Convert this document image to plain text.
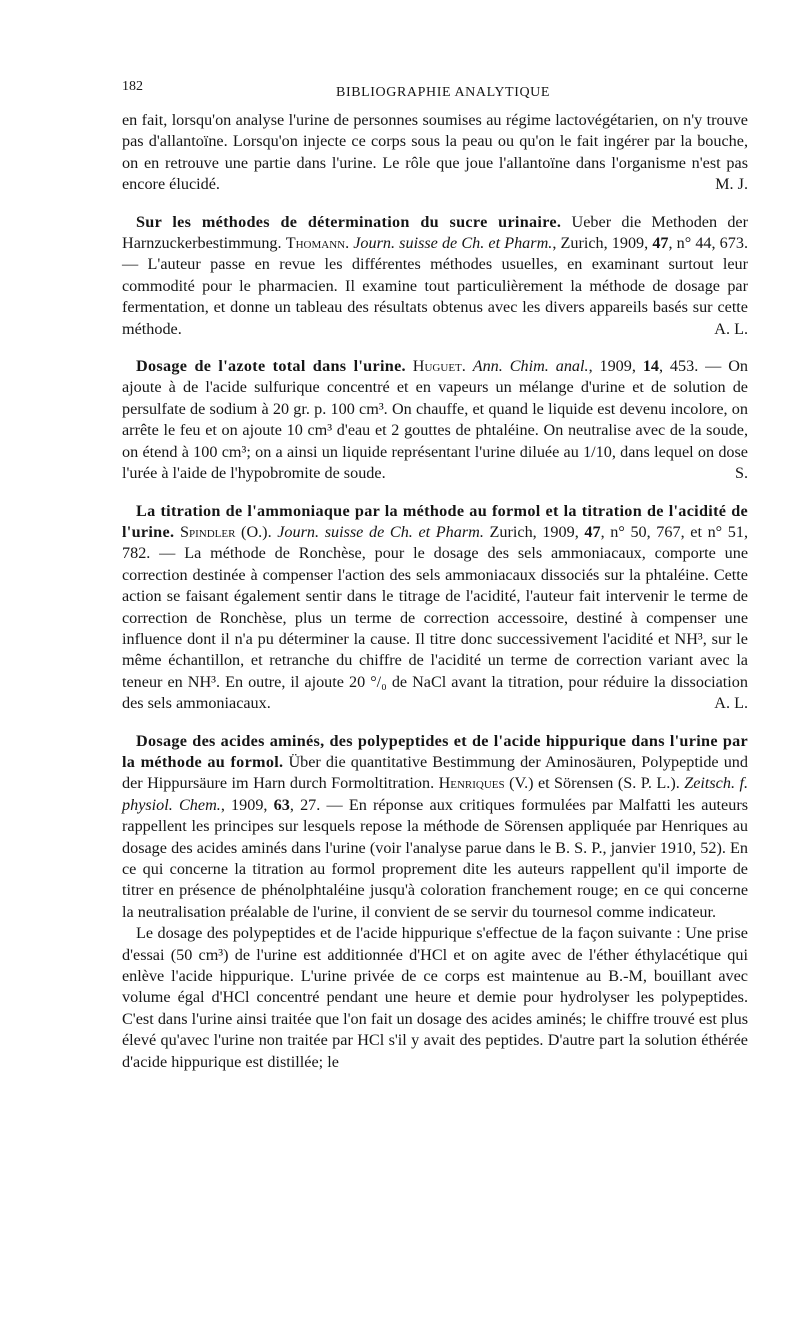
182	BIBLIOGRAPHIE ANALYTIQUE

en fait, lorsqu'on analyse l'urine de personnes soumises au régime lactovégétarien, on n'y trouve pas d'allantoïne. Lorsqu'on injecte ce corps sous la peau ou qu'on le fait ingérer par la bouche, on en retrouve une partie dans l'urine. Le rôle que joue l'allantoïne dans l'organisme n'est pas encore élucidé.	M. J.

Sur les méthodes de détermination du sucre urinaire. Ueber die Methoden der Harnzuckerbestimmung. Thomann. Journ. suisse de Ch. et Pharm., Zurich, 1909, 47, n° 44, 673. — L'auteur passe en revue les différentes méthodes usuelles, en examinant surtout leur commodité pour le pharmacien. Il examine tout particulièrement la méthode de dosage par fermentation, et donne un tableau des résultats obtenus avec les divers appareils basés sur cette méthode.	A. L.

Dosage de l'azote total dans l'urine. Huguet. Ann. Chim. anal., 1909, 14, 453. — On ajoute à de l'acide sulfurique concentré et en vapeurs un mélange d'urine et de solution de persulfate de sodium à 20 gr. p. 100 cm³. On chauffe, et quand le liquide est devenu incolore, on arrête le feu et on ajoute 10 cm³ d'eau et 2 gouttes de phtaléine. On neutralise avec de la soude, on étend à 100 cm³; on a ainsi un liquide représentant l'urine diluée au 1/10, dans lequel on dose l'urée à l'aide de l'hypobromite de soude.	S.

La titration de l'ammoniaque par la méthode au formol et la titration de l'acidité de l'urine. Spindler (O.). Journ. suisse de Ch. et Pharm. Zurich, 1909, 47, n° 50, 767, et n° 51, 782. — La méthode de Ronchèse, pour le dosage des sels ammoniacaux, comporte une correction destinée à compenser l'action des sels ammoniacaux dissociés sur la phtaléine. Cette action se faisant également sentir dans le titrage de l'acidité, l'auteur fait intervenir le terme de correction de Ronchèse, plus un terme de correction accessoire, destiné à compenser une influence dont il n'a pu déterminer la cause. Il titre donc successivement l'acidité et NH³, sur le même échantillon, et retranche du chiffre de l'acidité un terme de correction variant avec la teneur en NH³. En outre, il ajoute 20 °/₀ de NaCl avant la titration, pour réduire la dissociation des sels ammoniacaux.	A. L.

Dosage des acides aminés, des polypeptides et de l'acide hippurique dans l'urine par la méthode au formol. Über die quantitative Bestimmung der Aminosäuren, Polypeptide und der Hippursäure im Harn durch Formoltitration. Henriques (V.) et Sörensen (S. P. L.). Zeitsch. f. physiol. Chem., 1909, 63, 27. — En réponse aux critiques formulées par Malfatti les auteurs rappellent les principes sur lesquels repose la méthode de Sörensen appliquée par Henriques au dosage des acides aminés dans l'urine (voir l'analyse parue dans le B. S. P., janvier 1910, 52). En ce qui concerne la titration au formol proprement dite les auteurs rappellent qu'il importe de titrer en présence de phénolphtaléine jusqu'à coloration franchement rouge; en ce qui concerne la neutralisation préalable de l'urine, il convient de se servir du tournesol comme indicateur.

Le dosage des polypeptides et de l'acide hippurique s'effectue de la façon suivante : Une prise d'essai (50 cm³) de l'urine est additionnée d'HCl et on agite avec de l'éther éthylacétique qui enlève l'acide hippurique. L'urine privée de ce corps est maintenue au B.-M, bouillant avec volume égal d'HCl concentré pendant une heure et demie pour hydrolyser les polypeptides. C'est dans l'urine ainsi traitée que l'on fait un dosage des acides aminés; le chiffre trouvé est plus élevé qu'avec l'urine non traitée par HCl s'il y avait des peptides. D'autre part la solution éthérée d'acide hippurique est distillée; le
